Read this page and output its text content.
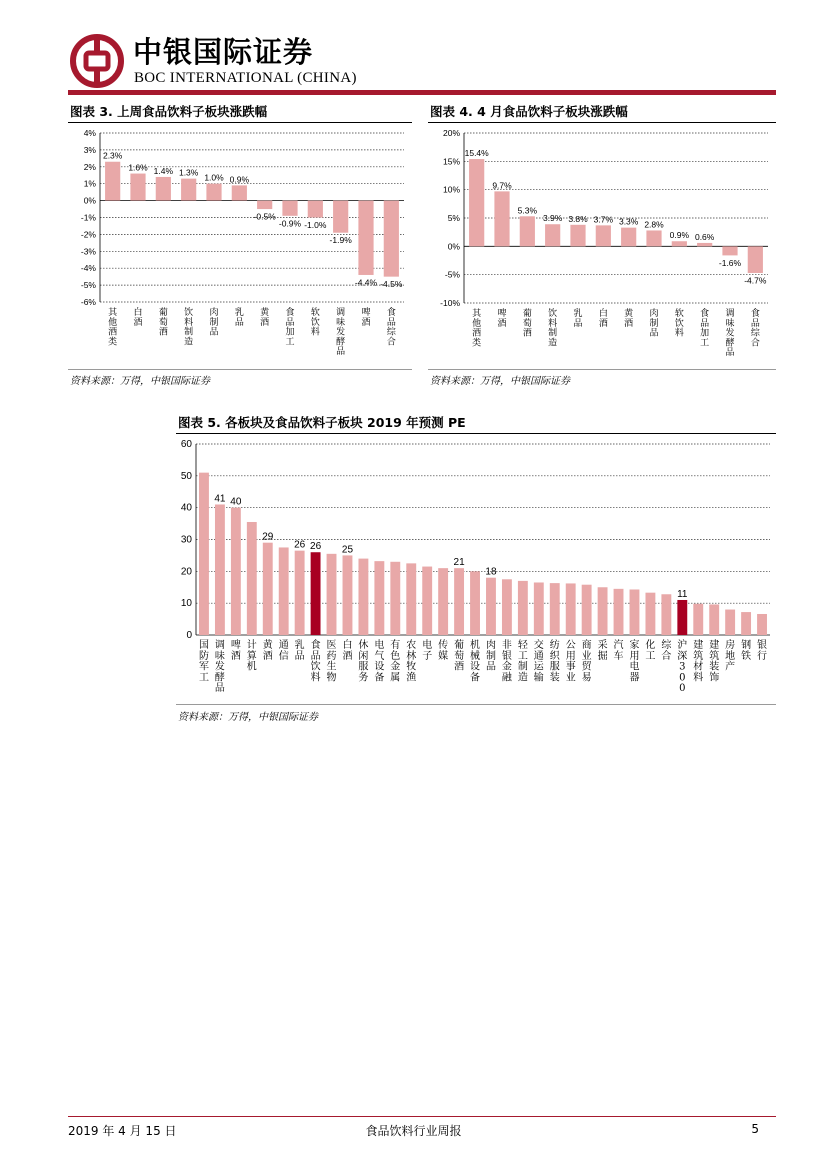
中银国际证券
BOC INTERNATIONAL (CHINA)
图表 3. 上周食品饮料子板块涨跌幅
4%
3%
2%
1%
0%
-1%
-2%
-3%
-4%
-5%
-6%
2.3%
其他酒类
1.6%
白酒
1.4%
葡萄酒
1.3%
饮料制造
1.0%
肉制品
0.9%
乳品
-0.5%
黄酒
-0.9%
食品加工
-1.0%
软饮料
-1.9%
调味发酵品
-4.4%
啤酒
-4.5%
食品综合
资料来源：万得，中银国际证券
图表 4. 4 月食品饮料子板块涨跌幅
20%
15%
10%
5%
0%
-5%
-10%
15.4%
其他酒类
9.7%
啤酒
5.3%
葡萄酒
3.9%
饮料制造
3.8%
乳品
3.7%
白酒
3.3%
黄酒
2.8%
肉制品
0.9%
软饮料
0.6%
食品加工
-1.6%
调味发酵品
-4.7%
食品综合
资料来源：万得，中银国际证券
图表 5. 各板块及食品饮料子板块 2019 年预测 PE
60
50
40
30
20
10
0
国防军工
41
调味发酵品
40
啤酒
计算机
29
黄酒
通信
26
乳品
26
食品饮料
医药生物
25
白酒
休闲服务
电气设备
有色金属
农林牧渔
电子
传媒
21
葡萄酒
机械设备
18
肉制品
非银金融
轻工制造
交通运输
纺织服装
公用事业
商业贸易
采掘
汽车
家用电器
化工
综合
11
沪深 3 0 0
建筑材料
建筑装饰
房地产
钢铁
银行
资料来源：万得，中银国际证券
2019 年 4 月 15 日	食品饮料行业周报	5
